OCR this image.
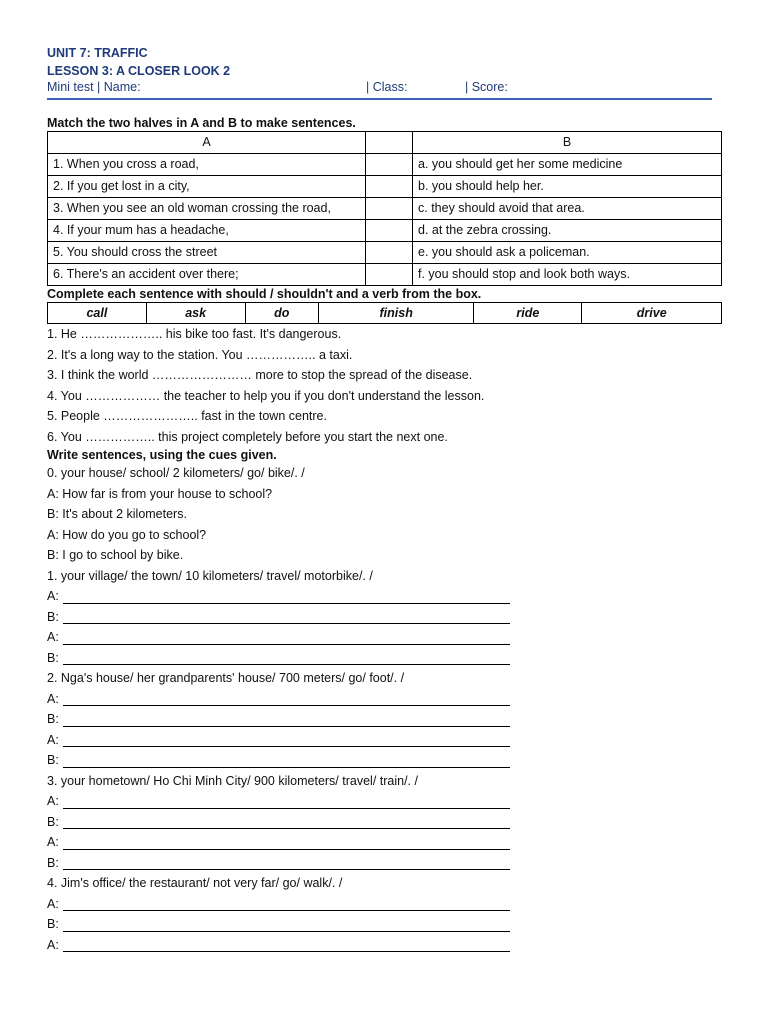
UNIT 7: TRAFFIC
LESSON 3: A CLOSER LOOK 2
Mini test | Name:	| Class:	| Score:
Match the two halves in A and B to make sentences.
A		B
1. When you cross a road,		a. you should get her some medicine
2. If you get lost in a city,		b. you should help her.
3. When you see an old woman crossing the road,		c. they should avoid that area.
4. If your mum has a headache,		d. at the zebra crossing.
5. You should cross the street		e. you should ask a policeman.
6. There's an accident over there;		f. you should stop and look both ways.
Complete each sentence with should / shouldn't and a verb from the box.
call	ask	do	finish	ride	drive
1. He ……………….. his bike too fast. It's dangerous.
2. It's a long way to the station. You …………….. a taxi.
3. I think the world …………………… more to stop the spread of the disease.
4. You ……………… the teacher to help you if you don't understand the lesson.
5. People ………………….. fast in the town centre.
6. You …………….. this project completely before you start the next one.
Write sentences, using the cues given.
0. your house/ school/ 2 kilometers/ go/ bike/. /
A: How far is from your house to school?
B: It's about 2 kilometers.
A: How do you go to school?
B: I go to school by bike.
1. your village/ the town/ 10 kilometers/ travel/ motorbike/. /
A:
B:
A:
B:
2. Nga's house/ her grandparents' house/ 700 meters/ go/ foot/. /
A:
B:
A:
B:
3. your hometown/ Ho Chi Minh City/ 900 kilometers/ travel/ train/. /
A:
B:
A:
B:
4. Jim's office/ the restaurant/ not very far/ go/ walk/. /
A:
B:
A:
